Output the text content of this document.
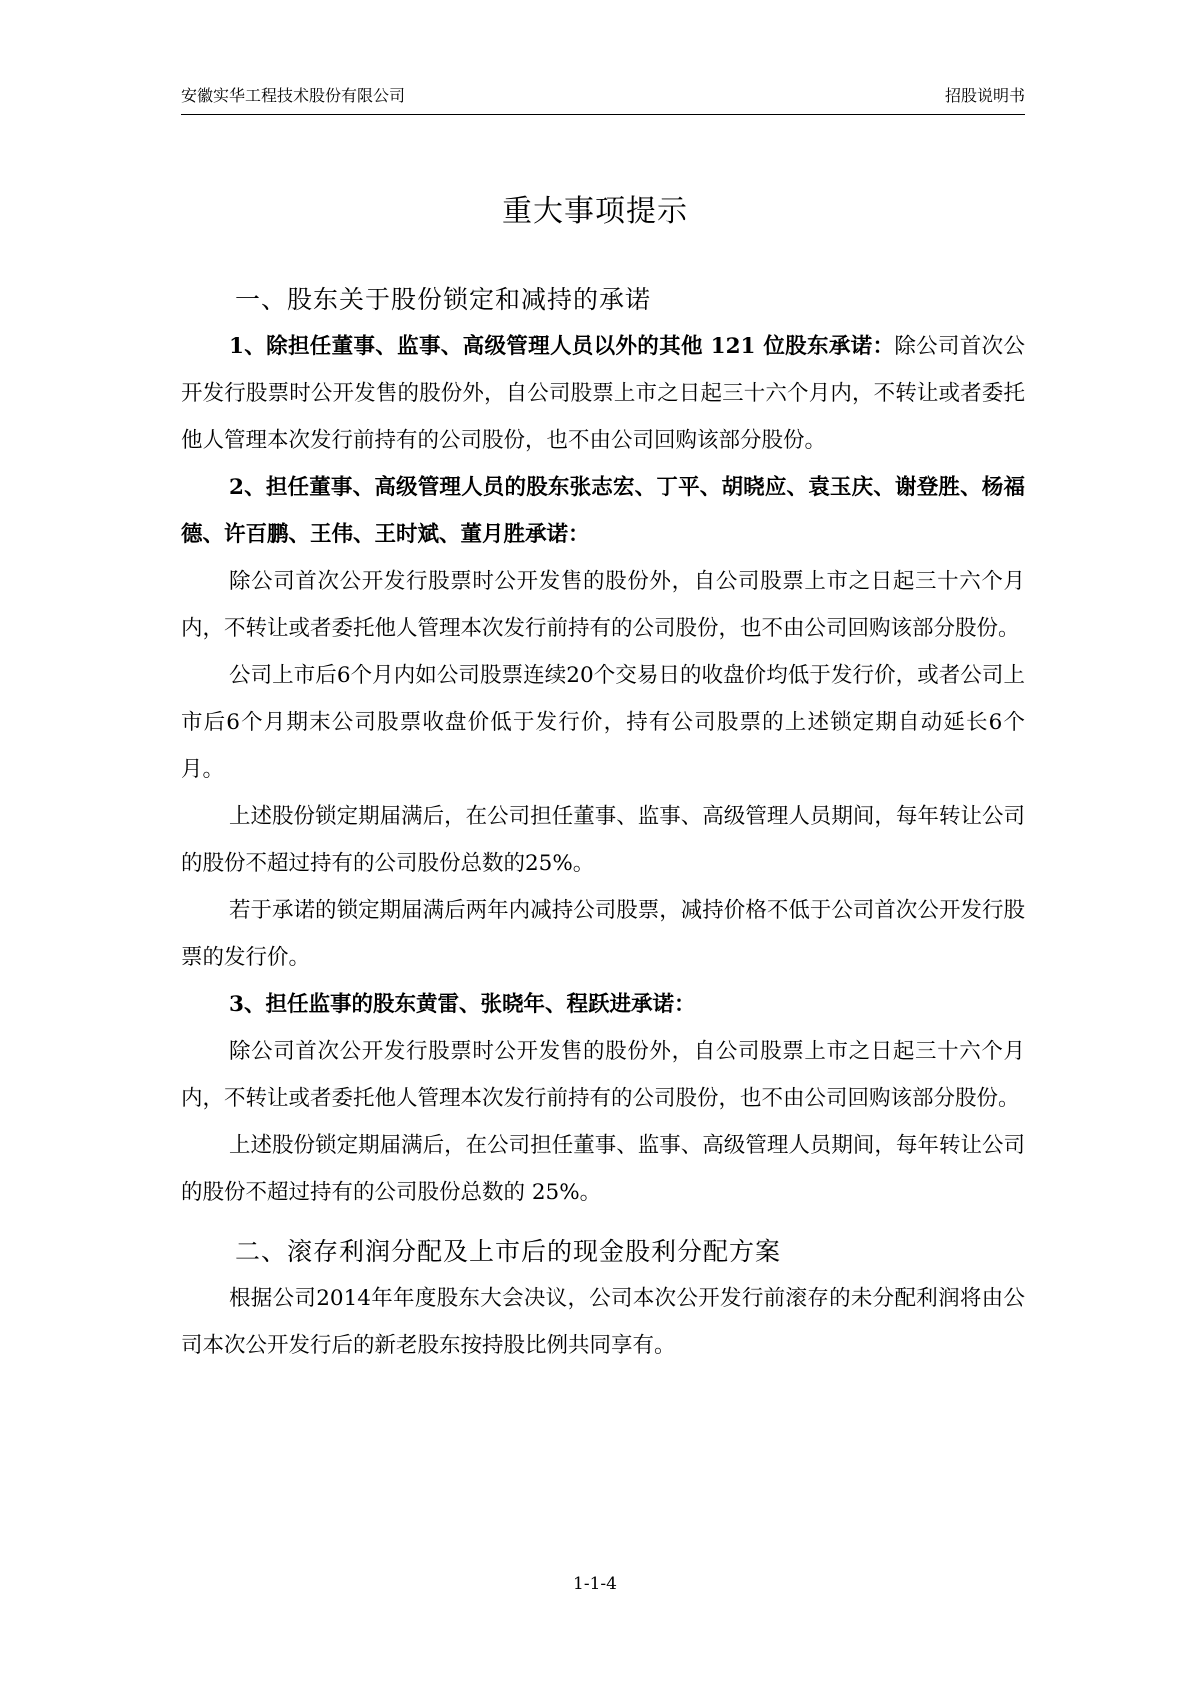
安徽实华工程技术股份有限公司	招股说明书
重大事项提示
一、股东关于股份锁定和减持的承诺

1、除担任董事、监事、高级管理人员以外的其他 121 位股东承诺：除公司首次公开发行股票时公开发售的股份外，自公司股票上市之日起三十六个月内，不转让或者委托他人管理本次发行前持有的公司股份，也不由公司回购该部分股份。

2、担任董事、高级管理人员的股东张志宏、丁平、胡晓应、袁玉庆、谢登胜、杨福德、许百鹏、王伟、王时斌、董月胜承诺：

除公司首次公开发行股票时公开发售的股份外，自公司股票上市之日起三十六个月内，不转让或者委托他人管理本次发行前持有的公司股份，也不由公司回购该部分股份。

公司上市后6个月内如公司股票连续20个交易日的收盘价均低于发行价，或者公司上市后6个月期末公司股票收盘价低于发行价，持有公司股票的上述锁定期自动延长6个月。

上述股份锁定期届满后，在公司担任董事、监事、高级管理人员期间，每年转让公司的股份不超过持有的公司股份总数的25%。

若于承诺的锁定期届满后两年内减持公司股票，减持价格不低于公司首次公开发行股票的发行价。

3、担任监事的股东黄雷、张晓年、程跃进承诺：

除公司首次公开发行股票时公开发售的股份外，自公司股票上市之日起三十六个月内，不转让或者委托他人管理本次发行前持有的公司股份，也不由公司回购该部分股份。

上述股份锁定期届满后，在公司担任董事、监事、高级管理人员期间，每年转让公司的股份不超过持有的公司股份总数的 25%。

二、滚存利润分配及上市后的现金股利分配方案

根据公司2014年年度股东大会决议，公司本次公开发行前滚存的未分配利润将由公司本次公开发行后的新老股东按持股比例共同享有。

1-1-4
